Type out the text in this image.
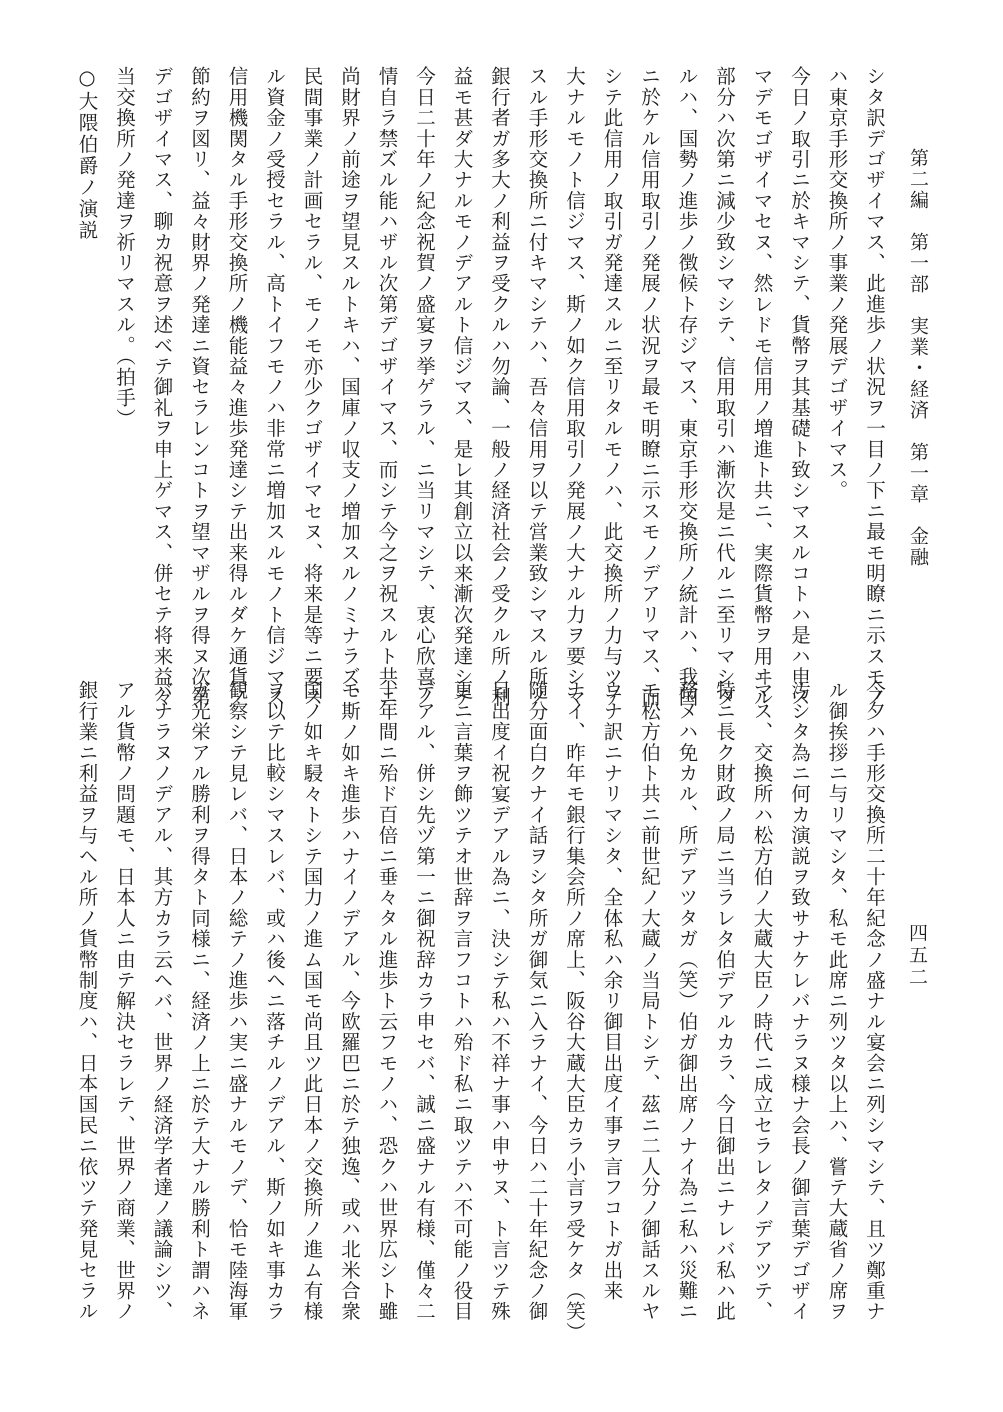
第二編　第一部　実業・経済　第一章　金融
四五二
シタ訳デゴザイマス、此進歩ノ状況ヲ一目ノ下ニ最モ明瞭ニ示スモノ
ハ東京手形交換所ノ事業ノ発展デゴザイマス。
今日ノ取引ニ於キマシテ、貨幣ヲ其基礎ト致シマスルコトハ是ハ申ス
マデモゴザイマセヌ、然レドモ信用ノ増進ト共ニ、実際貨幣ヲ用ヰル
部分ハ次第ニ減少致シマシテ、信用取引ハ漸次是ニ代ルニ至リマシタ
ルハ、国勢ノ進歩ノ徴候ト存ジマス、東京手形交換所ノ統計ハ、我国
ニ於ケル信用取引ノ発展ノ状況ヲ最モ明瞭ニ示スモノデアリマス、而
シテ此信用ノ取引ガ発達スルニ至リタルモノハ、此交換所ノ力与ツテ
大ナルモノト信ジマス、斯ノ如ク信用取引ノ発展ノ大ナル力ヲ要シマ
スル手形交換所ニ付キマシテハ、吾々信用ヲ以テ営業致シマスル所ノ
銀行者ガ多大ノ利益ヲ受クルハ勿論、一般ノ経済社会ノ受クル所ノ利
益モ甚ダ大ナルモノデアルト信ジマス、是レ其創立以来漸次発達シテ
今日二十年ノ紀念祝賀ノ盛宴ヲ挙ゲラル、ニ当リマシテ、衷心欣喜ノ
情自ラ禁ズル能ハザル次第デゴザイマス、而シテ今之ヲ祝スルト共ニ
尚財界ノ前途ヲ望見スルトキハ、国庫ノ収支ノ増加スルノミナラズ、
民間事業ノ計画セラル、モノモ亦少クゴザイマセヌ、将来是等ニ要ス
ル資金ノ受授セラル、高トイフモノハ非常ニ増加スルモノト信ジマス
信用機関タル手形交換所ノ機能益々進歩発達シテ出来得ルダケ通貨ノ
節約ヲ図リ、益々財界ノ発達ニ資セラレンコトヲ望マザルヲ得ヌ次第
デゴザイマス、聊カ祝意ヲ述ベテ御礼ヲ申上ゲマス、併セテ将来益々
当交換所ノ発達ヲ祈リマスル。（拍手）
○大隈伯爵ノ演説
今夕ハ手形交換所二十年紀念ノ盛ナル宴会ニ列シマシテ、且ツ鄭重ナ
ル御挨拶ニ与リマシタ、私モ此席ニ列ツタ以上ハ、嘗テ大蔵省ノ席ヲ
汚シタ為ニ何カ演説ヲ致サナケレバナラヌ様ナ会長ノ御言葉デゴザイ
マス、交換所ハ松方伯ノ大蔵大臣ノ時代ニ成立セラレタノデアツテ、
特ニ長ク財政ノ局ニ当ラレタ伯デアルカラ、今日御出ニナレバ私ハ此
務メハ免カル、所デアツタガ（笑）伯ガ御出席ノナイ為ニ私ハ災難ニ
モ松方伯ト共ニ前世紀ノ大蔵ノ当局トシテ、茲ニ二人分ノ御話スルヤ
ウナ訳ニナリマシタ、全体私ハ余リ御目出度イ事ヲ言フコトガ出来
ナイ、昨年モ銀行集会所ノ席上、阪谷大蔵大臣カラ小言ヲ受ケタ（笑）
随分面白クナイ話ヲシタ所ガ御気ニ入ラナイ、今日ハ二十年紀念ノ御
目出度イ祝宴デアル為ニ、決シテ私ハ不祥ナ事ハ申サヌ、ト言ツテ殊
更ニ言葉ヲ飾ツテオ世辞ヲ言フコトハ殆ド私ニ取ツテハ不可能ノ役目
デアル、併シ先ヅ第一ニ御祝辞カラ申セバ、誠ニ盛ナル有様、僅々二
十年間ニ殆ド百倍ニ垂々タル進歩ト云フモノハ、恐クハ世界広シト雖
モ斯ノ如キ進歩ハナイノデアル、今欧羅巴ニ於テ独逸、或ハ北米合衆
国ノ如キ駸々トシテ国力ノ進ム国モ尚且ツ此日本ノ交換所ノ進ム有様
ヲ以テ比較シマスレバ、或ハ後ヘニ落チルノデアル、斯ノ如キ事カラ
観察シテ見レバ、日本ノ総テノ進歩ハ実ニ盛ナルモノデ、恰モ陸海軍
ガ光栄アル勝利ヲ得タト同様ニ、経済ノ上ニ於テ大ナル勝利ト謂ハネ
バナラヌノデアル、其方カラ云ヘバ、世界ノ経済学者達ノ議論シツ、
アル貨幣ノ問題モ、日本人ニ由テ解決セラレテ、世界ノ商業、世界ノ
銀行業ニ利益ヲ与ヘル所ノ貨幣制度ハ、日本国民ニ依ツテ発見セラル
